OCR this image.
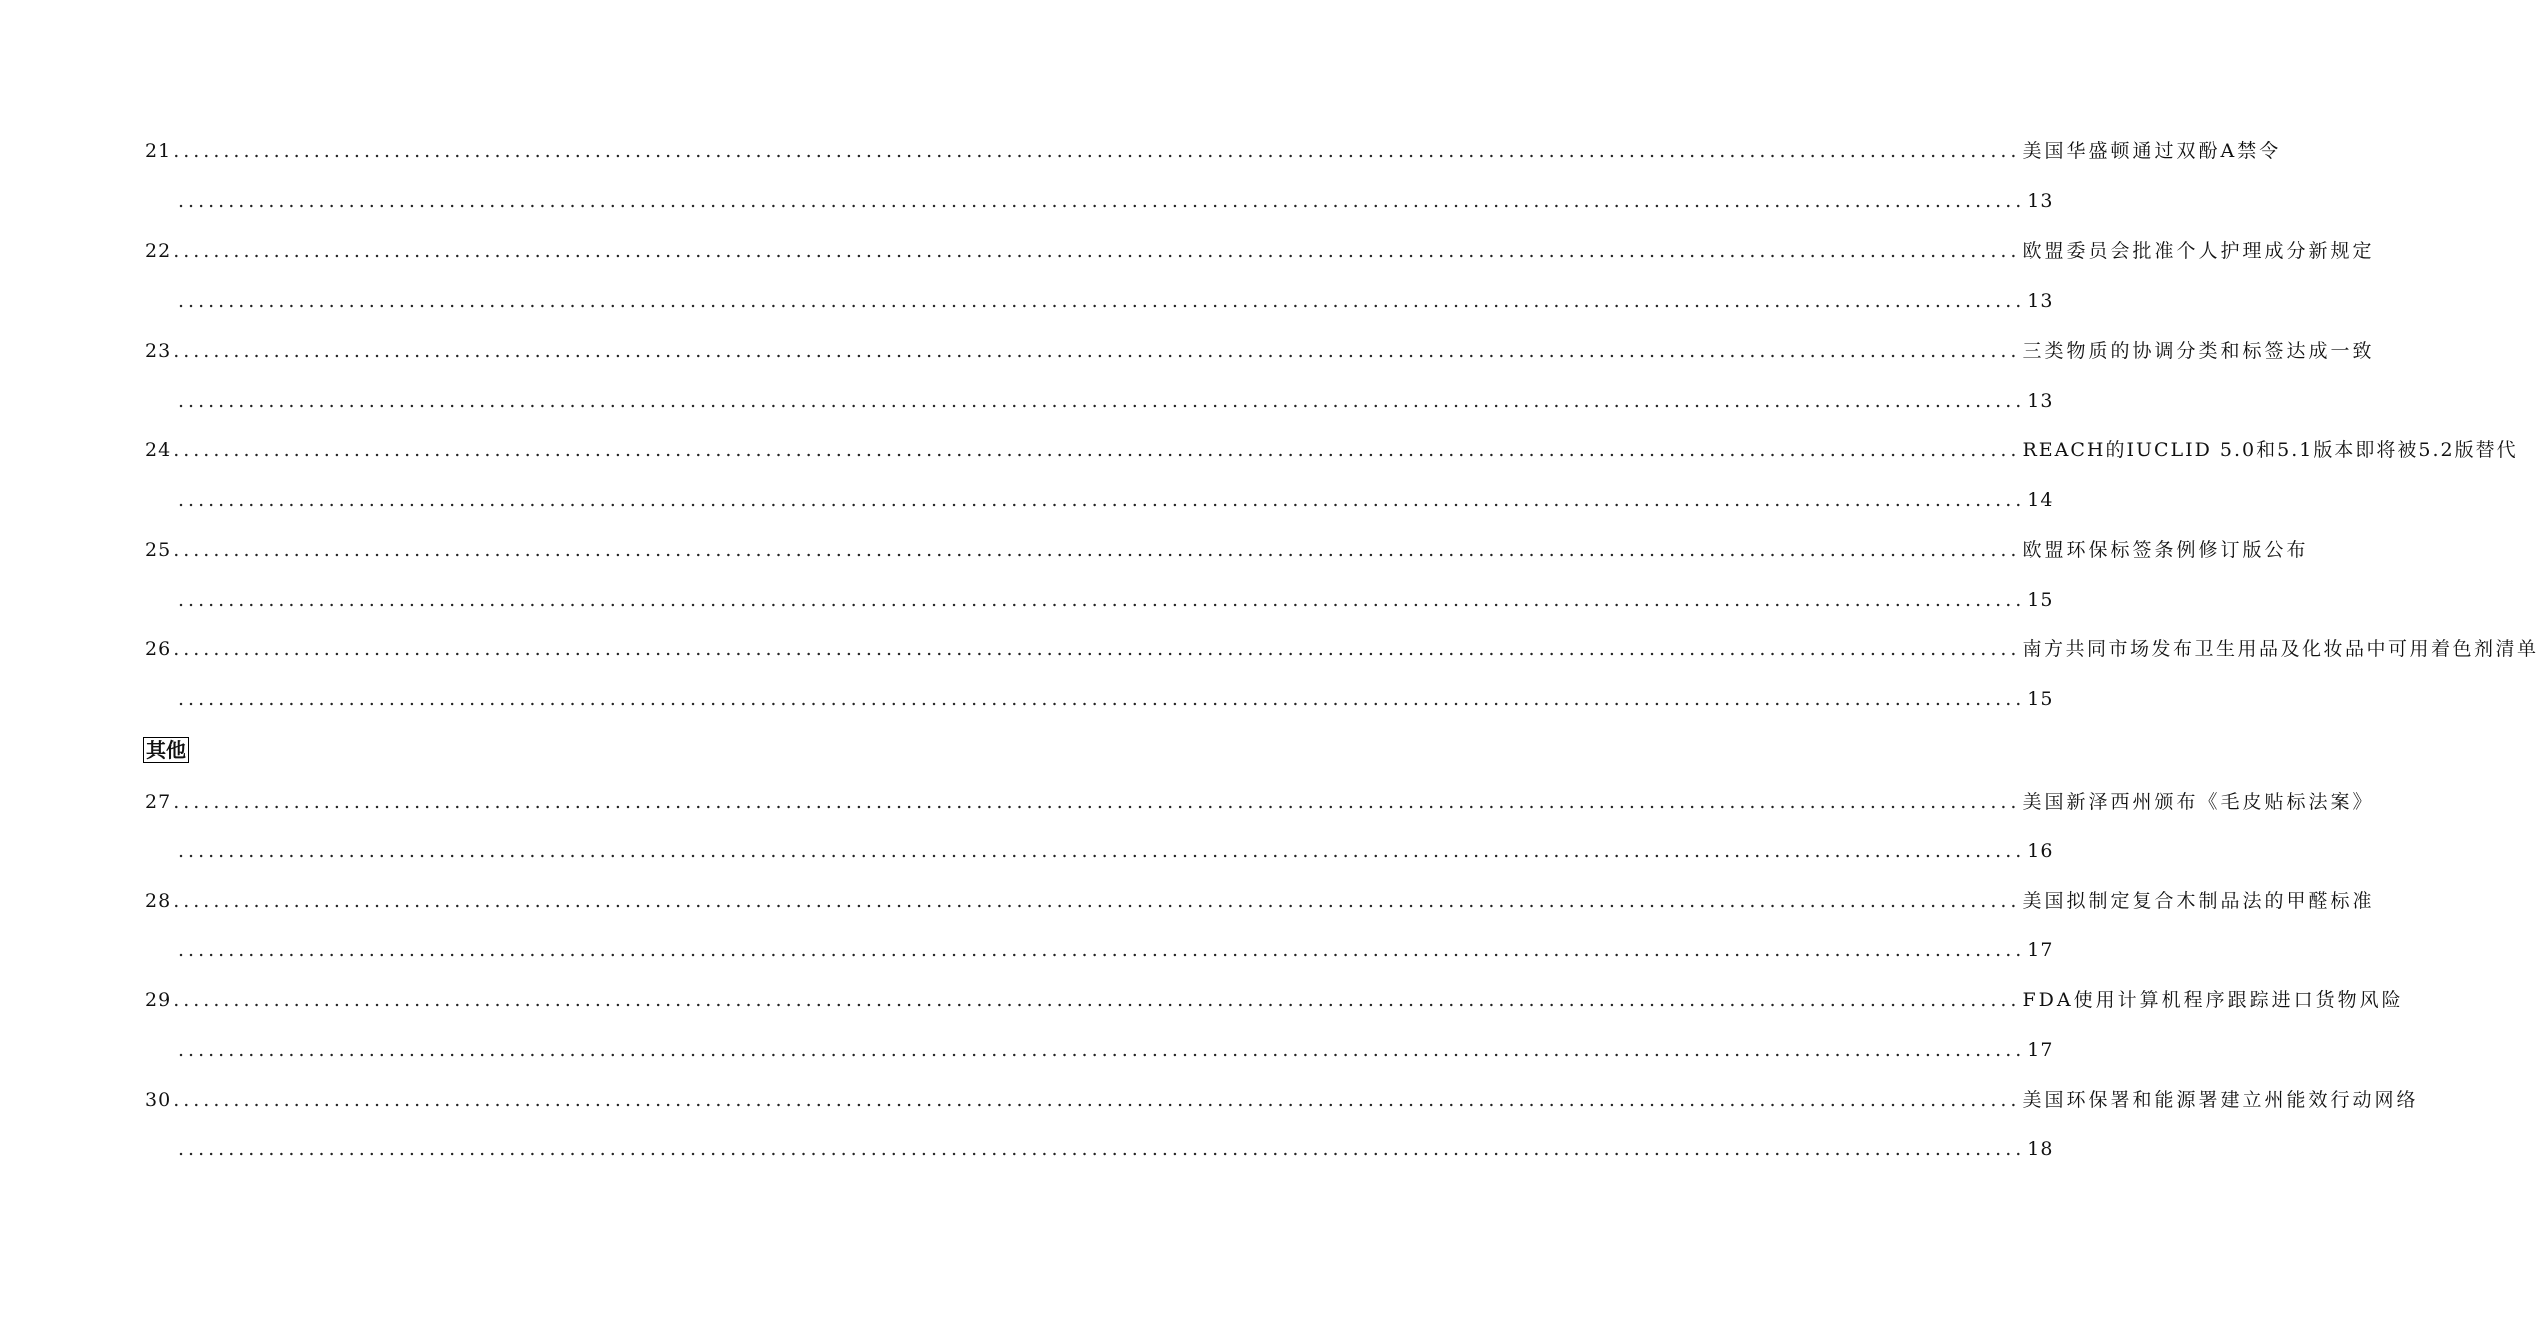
21 ........................................................................................................................................................................................ 美国华盛顿通过双酚A禁令
........................................................................................................................................................................................ 13
22 ........................................................................................................................................................................................ 欧盟委员会批准个人护理成分新规定
........................................................................................................................................................................................ 13
23 ........................................................................................................................................................................................ 三类物质的协调分类和标签达成一致
........................................................................................................................................................................................ 13
24 ........................................................................................................................................................................................ REACH的IUCLID 5.0和5.1版本即将被5.2版替代
........................................................................................................................................................................................ 14
25 ........................................................................................................................................................................................ 欧盟环保标签条例修订版公布
........................................................................................................................................................................................ 15
26 ........................................................................................................................................................................................ 南方共同市场发布卫生用品及化妆品中可用着色剂清单
........................................................................................................................................................................................ 15
其他
27 ........................................................................................................................................................................................ 美国新泽西州颁布《毛皮贴标法案》
........................................................................................................................................................................................ 16
28 ........................................................................................................................................................................................ 美国拟制定复合木制品法的甲醛标准
........................................................................................................................................................................................ 17
29 ........................................................................................................................................................................................ FDA使用计算机程序跟踪进口货物风险
........................................................................................................................................................................................ 17
30 ........................................................................................................................................................................................ 美国环保署和能源署建立州能效行动网络
........................................................................................................................................................................................ 18
